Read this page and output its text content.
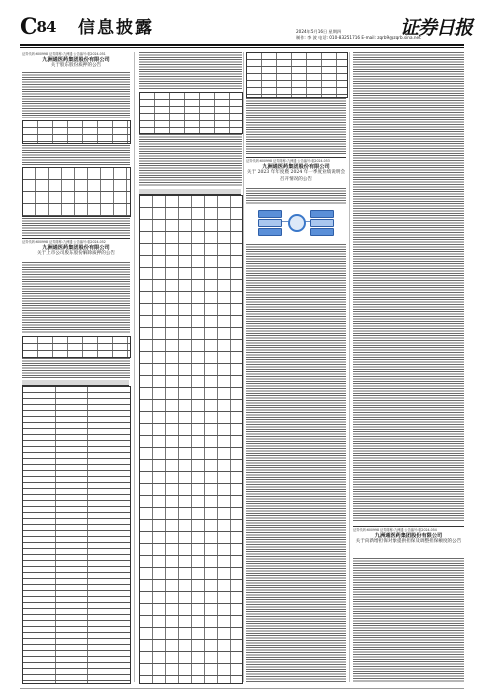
C84 信息披露	2024年5月16日 星期四
制作: 李 波 电话: 010-83251716 E-mail: zqrb9@zqrb.sina.net
证券日报
证券代码:600998 证券简称:九洲通 公告编号:临2024-051
九洲通医药集团股份有限公司
关于股东股份质押的公告
证券代码:600998 证券简称:九洲通 公告编号:临2024-052
九洲通医药集团股份有限公司
关于上市公司股东股份解除质押的公告
证券代码:600998 证券简称:九洲通 公告编号:临2024-053
九洲通医药集团股份有限公司
关于 2023 年年度暨 2024 年一季度业绩说明会召开情况的公告
证券代码:600998 证券简称:九洲通 公告编号:临2024-054
九洲通医药集团股份有限公司
关于向新增担保对象提供担保及调整担保额度的公告
